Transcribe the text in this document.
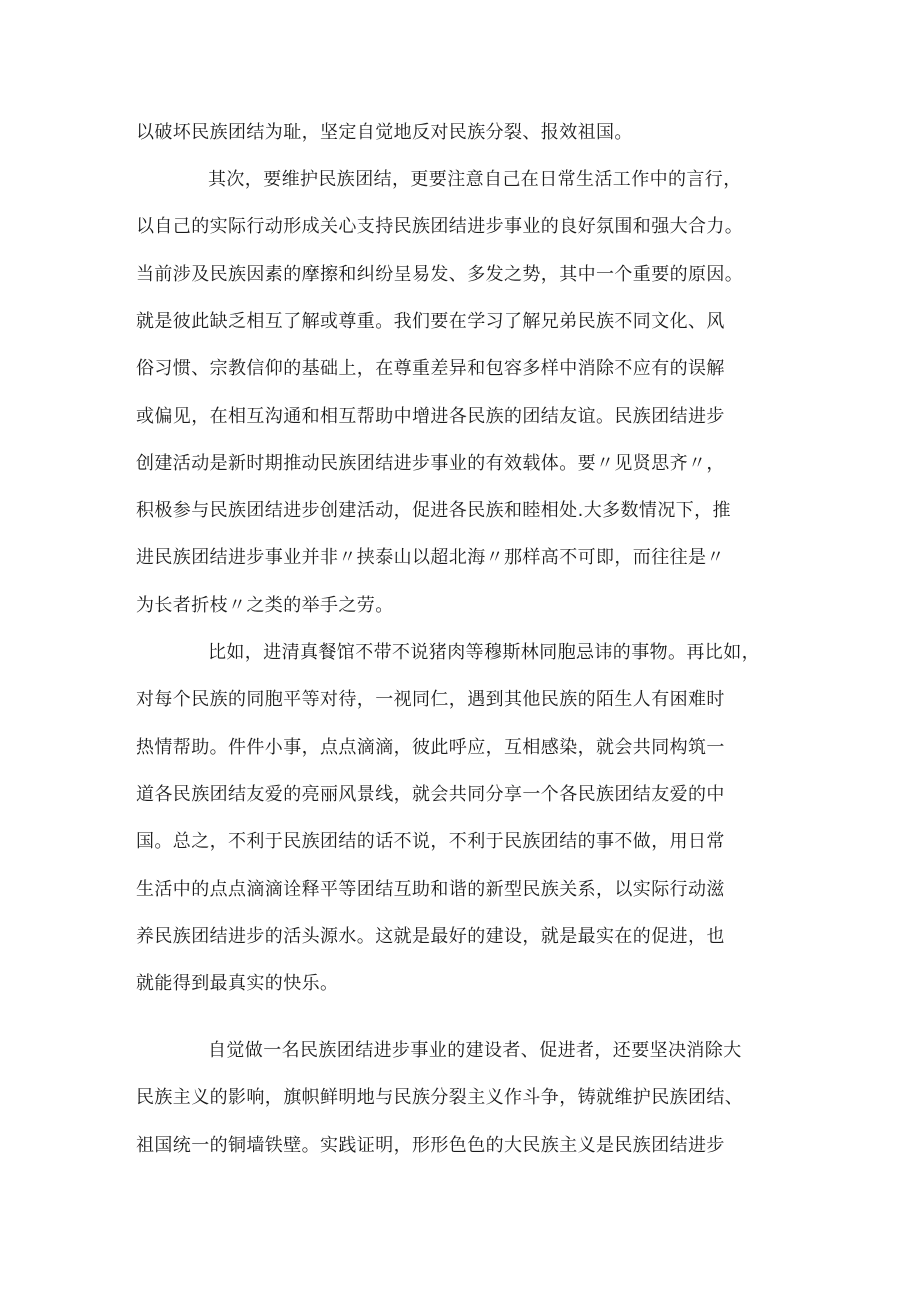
以破坏民族团结为耻，坚定自觉地反对民族分裂、报效祖国。
其次，要维护民族团结，更要注意自己在日常生活工作中的言行，
以自己的实际行动形成关心支持民族团结进步事业的良好氛围和强大合力。
当前涉及民族因素的摩擦和纠纷呈易发、多发之势，其中一个重要的原因。
就是彼此缺乏相互了解或尊重。我们要在学习了解兄弟民族不同文化、风
俗习惯、宗教信仰的基础上，在尊重差异和包容多样中消除不应有的误解
或偏见，在相互沟通和相互帮助中增进各民族的团结友谊。民族团结进步
创建活动是新时期推动民族团结进步事业的有效载体。要〃见贤思齐〃，
积极参与民族团结进步创建活动，促进各民族和睦相处.大多数情况下，推
进民族团结进步事业并非〃挟泰山以超北海〃那样高不可即，而往往是〃
为长者折枝〃之类的举手之劳。
比如，进清真餐馆不带不说猪肉等穆斯林同胞忌讳的事物。再比如，
对每个民族的同胞平等对待，一视同仁，遇到其他民族的陌生人有困难时
热情帮助。件件小事，点点滴滴，彼此呼应，互相感染，就会共同构筑一
道各民族团结友爱的亮丽风景线，就会共同分享一个各民族团结友爱的中
国。总之，不利于民族团结的话不说，不利于民族团结的事不做，用日常
生活中的点点滴滴诠释平等团结互助和谐的新型民族关系，以实际行动滋
养民族团结进步的活头源水。这就是最好的建设，就是最实在的促进，也
就能得到最真实的快乐。
自觉做一名民族团结进步事业的建设者、促进者，还要坚决消除大
民族主义的影响，旗帜鲜明地与民族分裂主义作斗争，铸就维护民族团结、
祖国统一的铜墙铁壁。实践证明，形形色色的大民族主义是民族团结进步
